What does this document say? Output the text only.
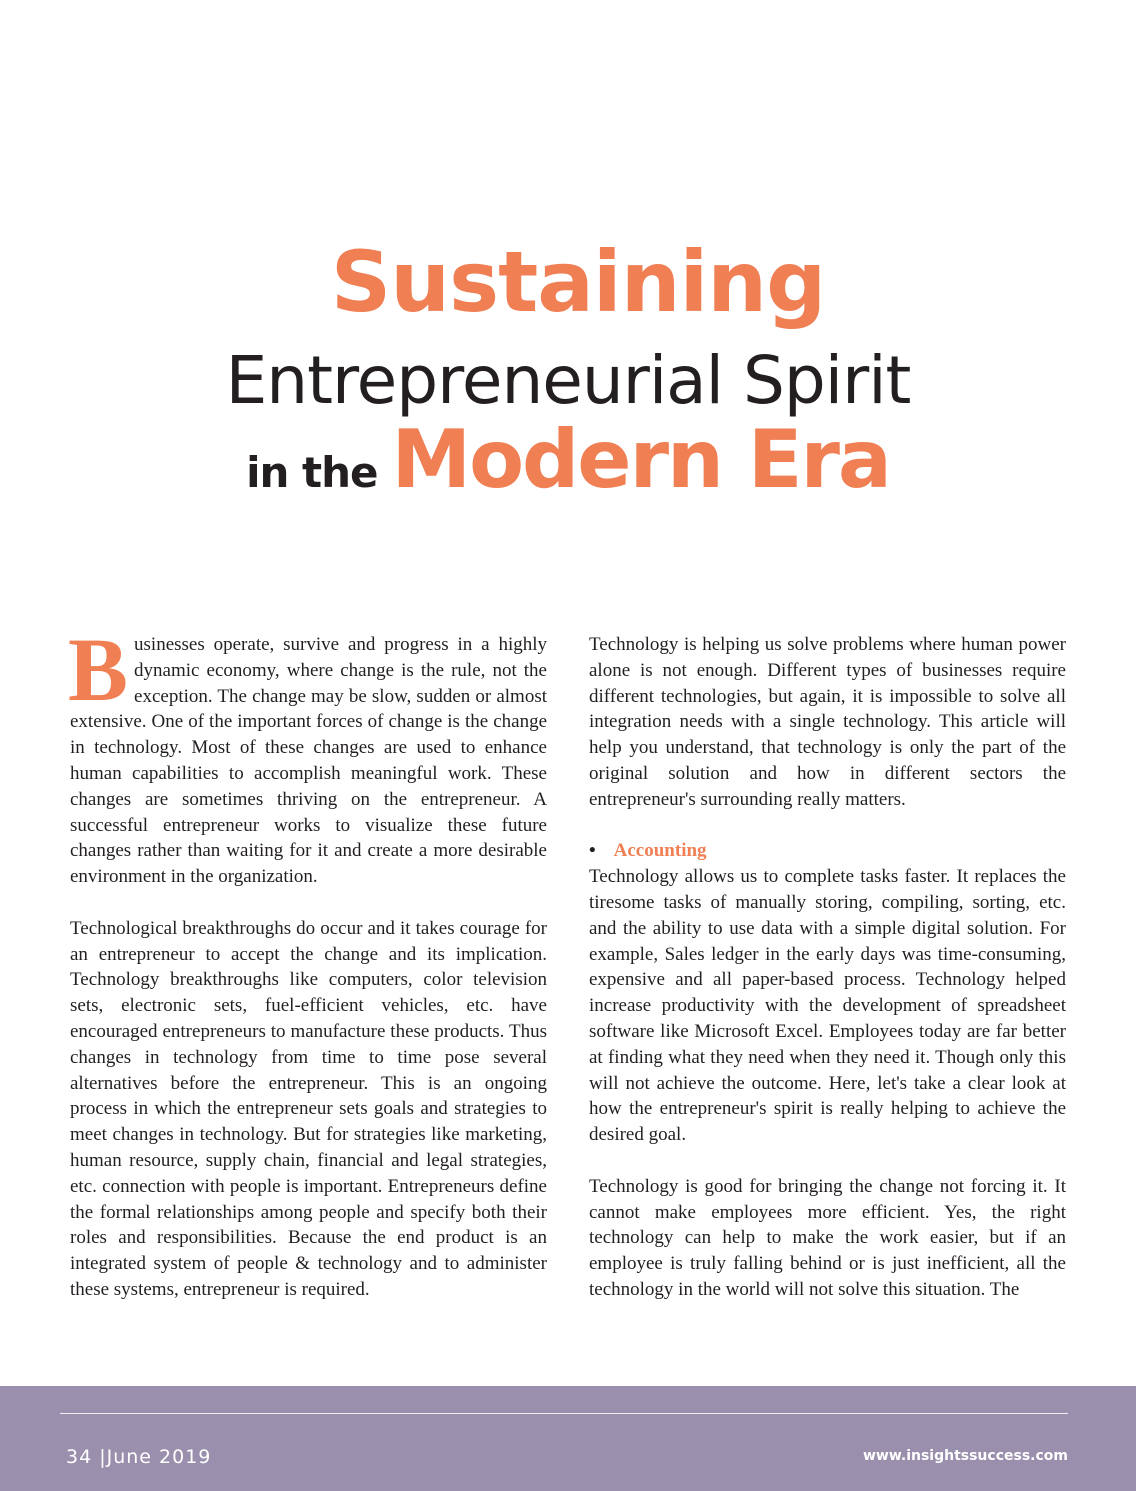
Sustaining
Entrepreneurial Spirit
in the Modern Era

Businesses operate, survive and progress in a highly dynamic economy, where change is the rule, not the exception. The change may be slow, sudden or almost extensive. One of the important forces of change is the change in technology. Most of these changes are used to enhance human capabilities to accomplish meaningful work. These changes are sometimes thriving on the entrepreneur. A successful entrepreneur works to visualize these future changes rather than waiting for it and create a more desirable environment in the organization.

Technological breakthroughs do occur and it takes courage for an entrepreneur to accept the change and its implication. Technology breakthroughs like computers, color television sets, electronic sets, fuel-efficient vehicles, etc. have encouraged entrepreneurs to manufacture these products. Thus changes in technology from time to time pose several alternatives before the entrepreneur. This is an ongoing process in which the entrepreneur sets goals and strategies to meet changes in technology. But for strategies like marketing, human resource, supply chain, financial and legal strategies, etc. connection with people is important. Entrepreneurs define the formal relationships among people and specify both their roles and responsibilities. Because the end product is an integrated system of people & technology and to administer these systems, entrepreneur is required.

Technology is helping us solve problems where human power alone is not enough. Different types of businesses require different technologies, but again, it is impossible to solve all integration needs with a single technology. This article will help you understand, that technology is only the part of the original solution and how in different sectors the entrepreneur's surrounding really matters.

• Accounting

Technology allows us to complete tasks faster. It replaces the tiresome tasks of manually storing, compiling, sorting, etc. and the ability to use data with a simple digital solution. For example, Sales ledger in the early days was time-consuming, expensive and all paper-based process. Technology helped increase productivity with the development of spreadsheet software like Microsoft Excel. Employees today are far better at finding what they need when they need it. Though only this will not achieve the outcome. Here, let's take a clear look at how the entrepreneur's spirit is really helping to achieve the desired goal.

Technology is good for bringing the change not forcing it. It cannot make employees more efficient. Yes, the right technology can help to make the work easier, but if an employee is truly falling behind or is just inefficient, all the technology in the world will not solve this situation. The

34 |June 2019	www.insightssuccess.com
